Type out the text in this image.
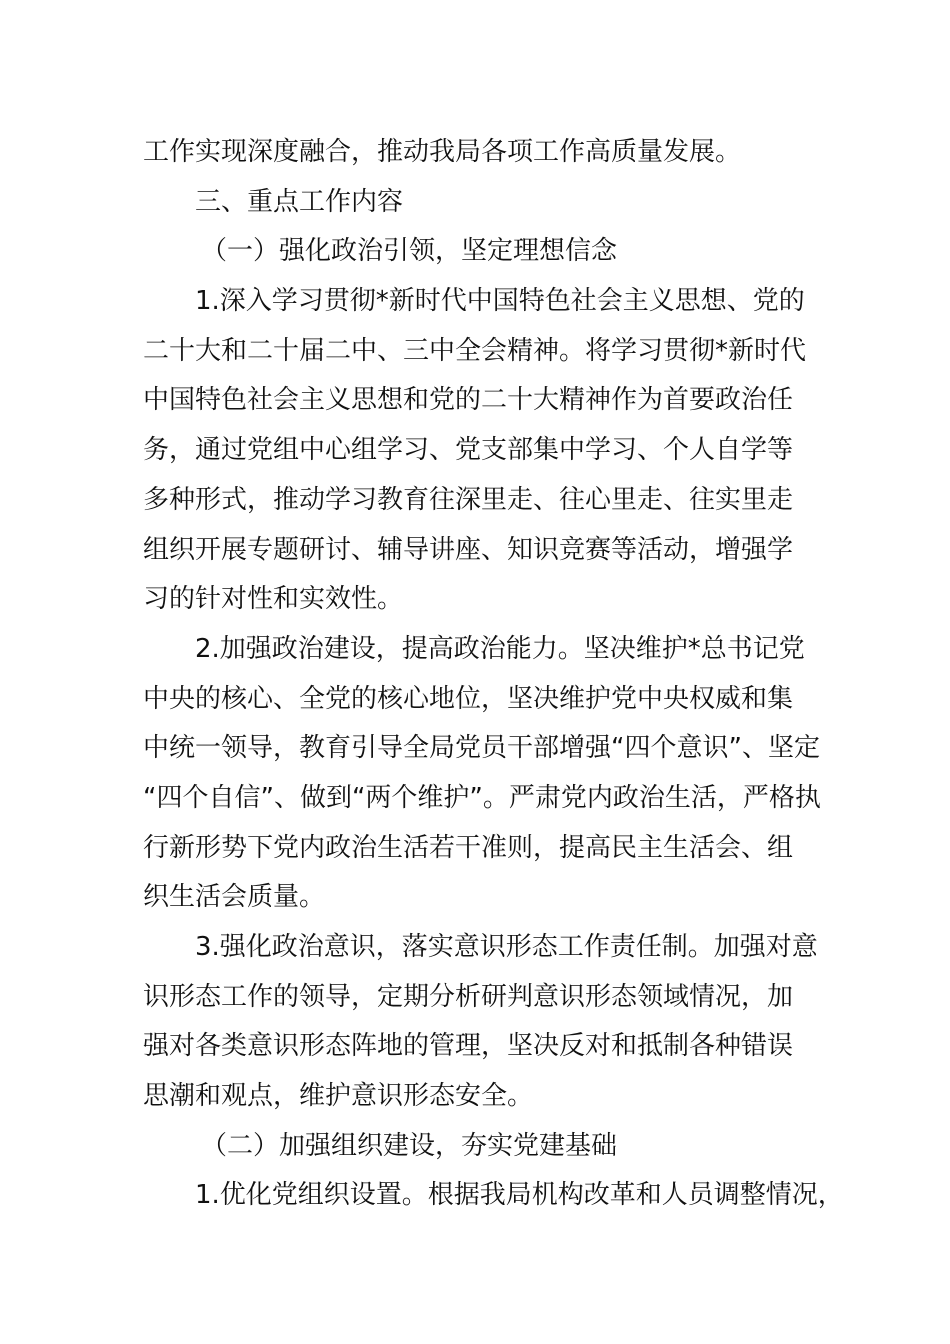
工作实现深度融合，推动我局各项工作高质量发展。
三、重点工作内容
（一）强化政治引领，坚定理想信念
1.深入学习贯彻*新时代中国特色社会主义思想、党的
二十大和二十届二中、三中全会精神。将学习贯彻*新时代
中国特色社会主义思想和党的二十大精神作为首要政治任
务，通过党组中心组学习、党支部集中学习、个人自学等
多种形式，推动学习教育往深里走、往心里走、往实里走
组织开展专题研讨、辅导讲座、知识竞赛等活动，增强学
习的针对性和实效性。
2.加强政治建设，提高政治能力。坚决维护*总书记党
中央的核心、全党的核心地位，坚决维护党中央权威和集
中统一领导，教育引导全局党员干部增强“四个意识”、坚定
“四个自信”、做到“两个维护”。严肃党内政治生活，严格执
行新形势下党内政治生活若干准则，提高民主生活会、组
织生活会质量。
3.强化政治意识，落实意识形态工作责任制。加强对意
识形态工作的领导，定期分析研判意识形态领域情况，加
强对各类意识形态阵地的管理，坚决反对和抵制各种错误
思潮和观点，维护意识形态安全。
（二）加强组织建设，夯实党建基础
1.优化党组织设置。根据我局机构改革和人员调整情况，
